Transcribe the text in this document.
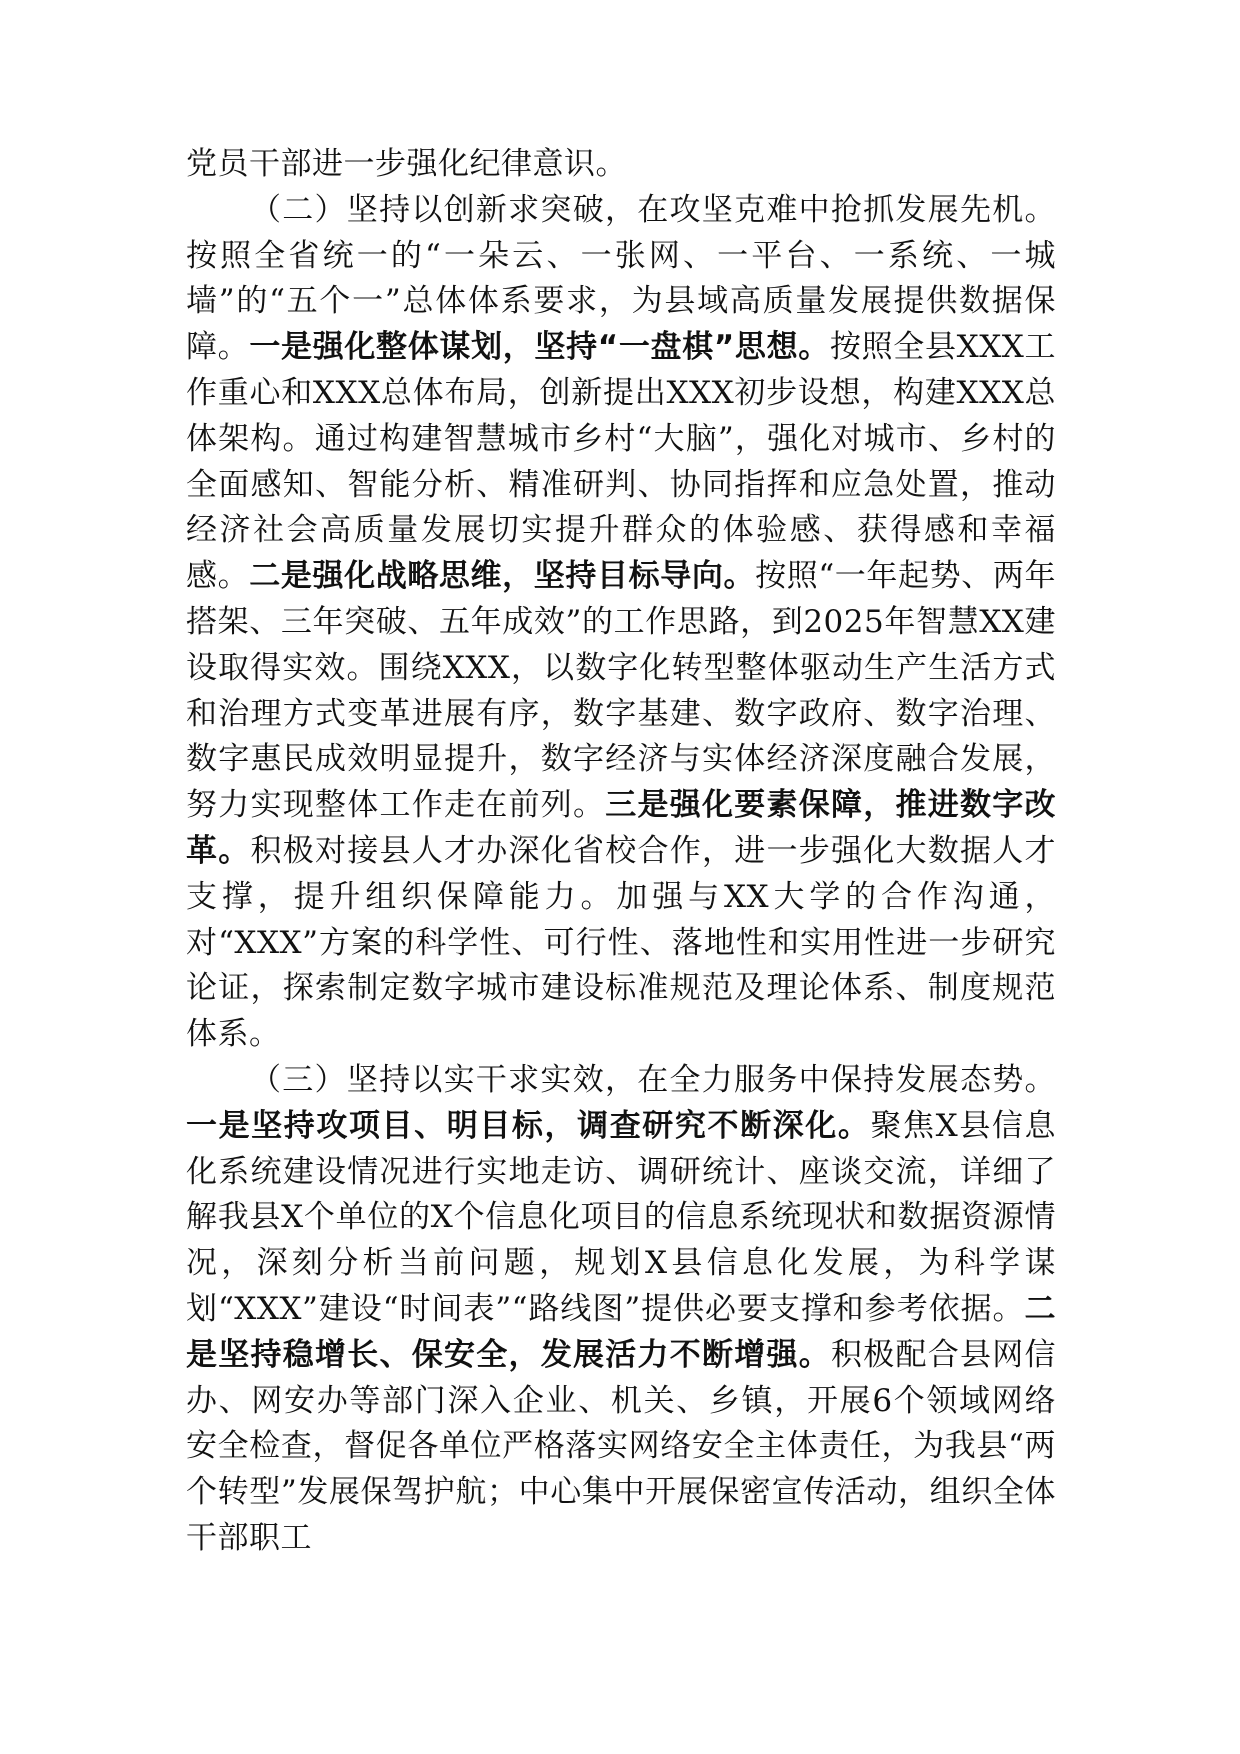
党员干部进一步强化纪律意识。

（二）坚持以创新求突破，在攻坚克难中抢抓发展先机。按照全省统一的“一朵云、一张网、一平台、一系统、一城墙”的“五个一”总体体系要求，为县域高质量发展提供数据保障。一是强化整体谋划，坚持“一盘棋”思想。按照全县XXX工作重心和XXX总体布局，创新提出XXX初步设想，构建XXX总体架构。通过构建智慧城市乡村“大脑”，强化对城市、乡村的全面感知、智能分析、精准研判、协同指挥和应急处置，推动经济社会高质量发展切实提升群众的体验感、获得感和幸福感。二是强化战略思维，坚持目标导向。按照“一年起势、两年搭架、三年突破、五年成效”的工作思路，到2025年智慧XX建设取得实效。围绕XXX，以数字化转型整体驱动生产生活方式和治理方式变革进展有序，数字基建、数字政府、数字治理、数字惠民成效明显提升，数字经济与实体经济深度融合发展，努力实现整体工作走在前列。三是强化要素保障，推进数字改革。积极对接县人才办深化省校合作，进一步强化大数据人才支撑，提升组织保障能力。加强与XX大学的合作沟通，对“XXX”方案的科学性、可行性、落地性和实用性进一步研究论证，探索制定数字城市建设标准规范及理论体系、制度规范体系。

（三）坚持以实干求实效，在全力服务中保持发展态势。一是坚持攻项目、明目标，调查研究不断深化。聚焦X县信息化系统建设情况进行实地走访、调研统计、座谈交流，详细了解我县X个单位的X个信息化项目的信息系统现状和数据资源情况，深刻分析当前问题，规划X县信息化发展，为科学谋划“XXX”建设“时间表”“路线图”提供必要支撑和参考依据。二是坚持稳增长、保安全，发展活力不断增强。积极配合县网信办、网安办等部门深入企业、机关、乡镇，开展6个领域网络安全检查，督促各单位严格落实网络安全主体责任，为我县“两个转型”发展保驾护航；中心集中开展保密宣传活动，组织全体干部职工
